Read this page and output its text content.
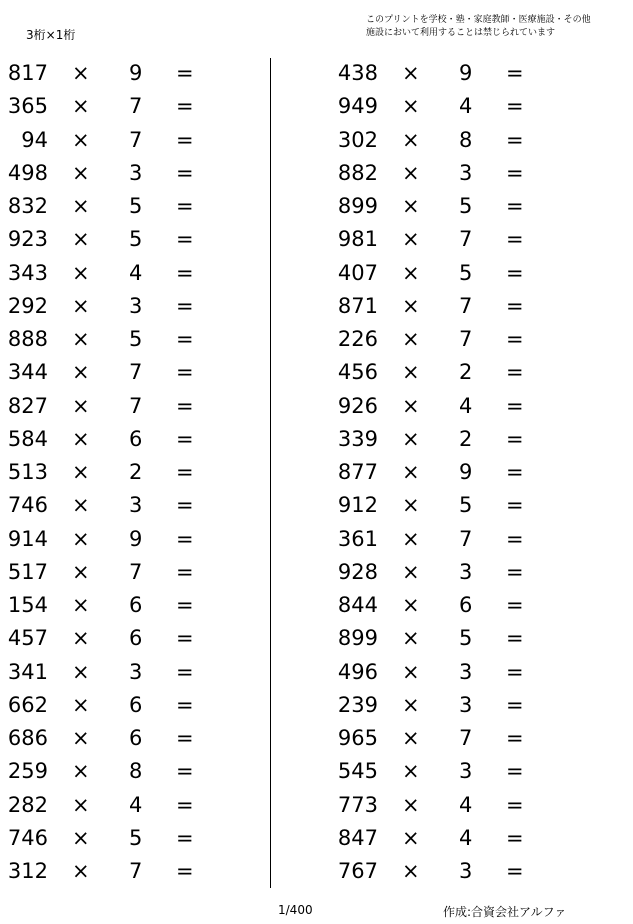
3桁×1桁
このプリントを学校・塾・家庭教師・医療施設・その他
施設において利用することは禁じられています
817 × 9 =
365 × 7 =
94 × 7 =
498 × 3 =
832 × 5 =
923 × 5 =
343 × 4 =
292 × 3 =
888 × 5 =
344 × 7 =
827 × 7 =
584 × 6 =
513 × 2 =
746 × 3 =
914 × 9 =
517 × 7 =
154 × 6 =
457 × 6 =
341 × 3 =
662 × 6 =
686 × 6 =
259 × 8 =
282 × 4 =
746 × 5 =
312 × 7 =
438 × 9 =
949 × 4 =
302 × 8 =
882 × 3 =
899 × 5 =
981 × 7 =
407 × 5 =
871 × 7 =
226 × 7 =
456 × 2 =
926 × 4 =
339 × 2 =
877 × 9 =
912 × 5 =
361 × 7 =
928 × 3 =
844 × 6 =
899 × 5 =
496 × 3 =
239 × 3 =
965 × 7 =
545 × 3 =
773 × 4 =
847 × 4 =
767 × 3 =
1/400	作成:合資会社アルファ
